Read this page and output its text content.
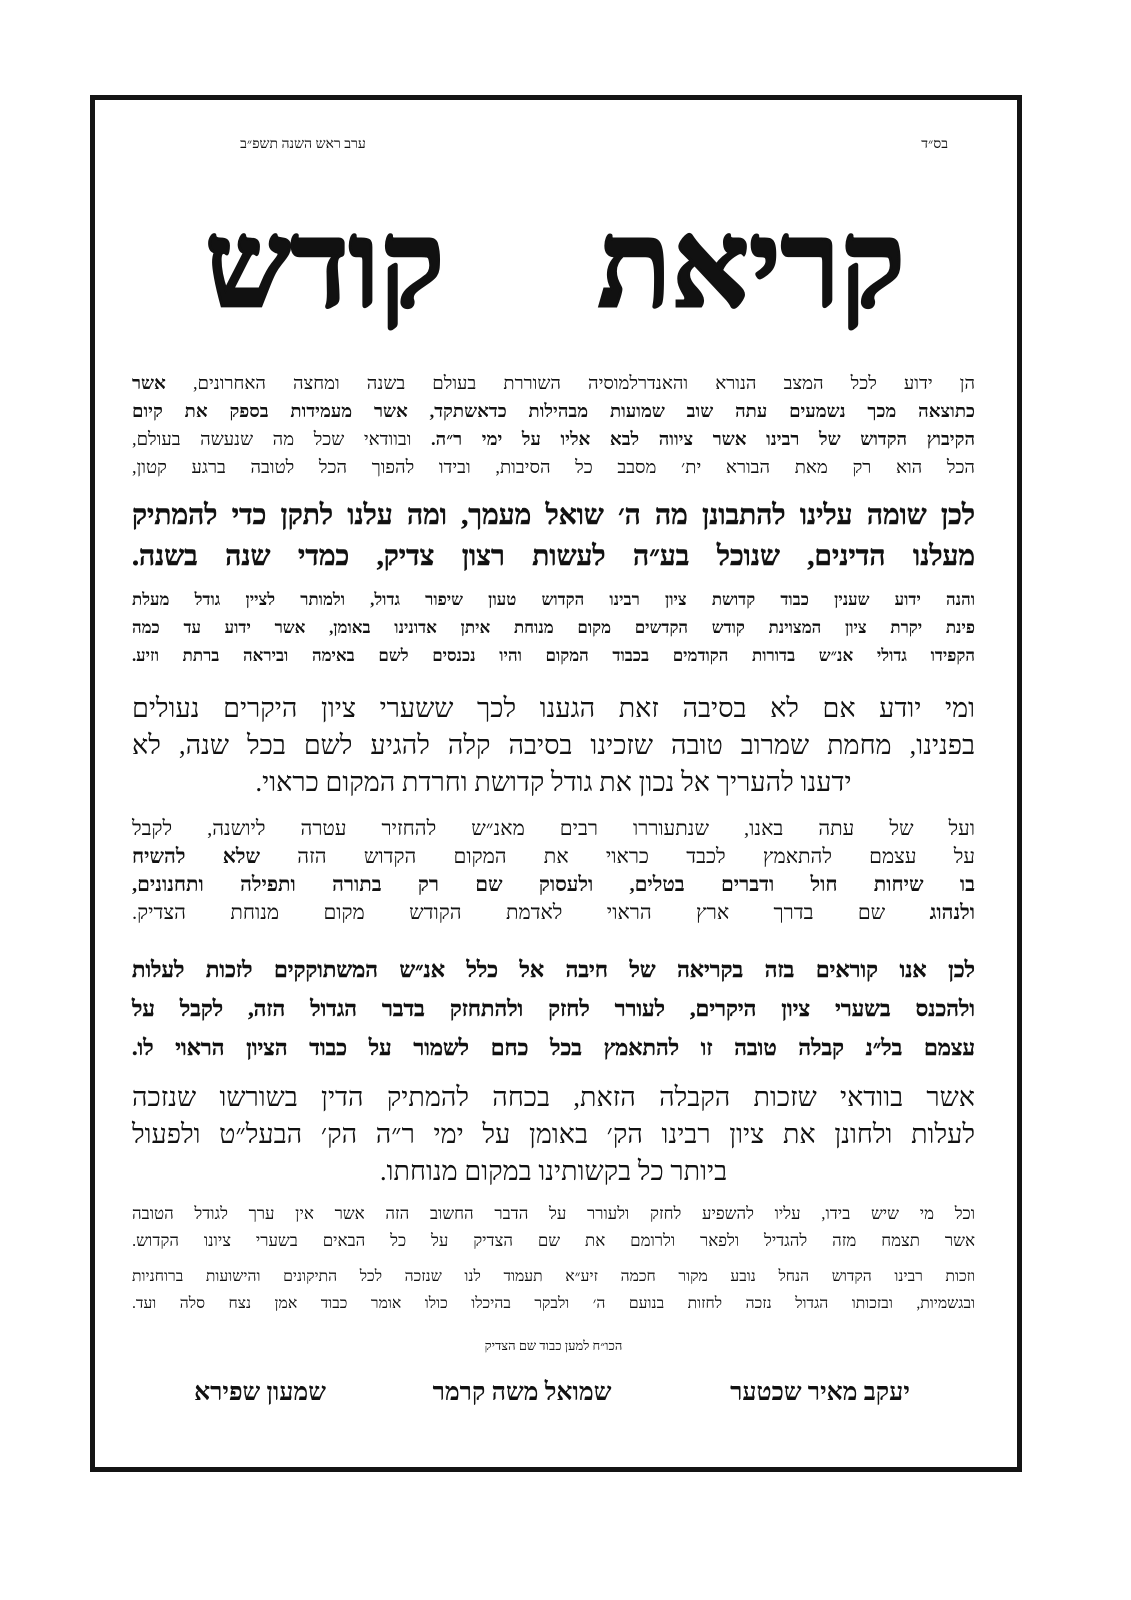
בס״ד
ערב ראש השנה תשפ״ב
קריאת קודש
הן ידוע לכל המצב הנורא והאנדרלמוסיה השוררת בעולם בשנה ומחצה האחרונים, אשר
כתוצאה מכך נשמעים עתה שוב שמועות מבהילות כדאשתקד, אשר מעמידות בספק את קיום
הקיבוץ הקדוש של רבינו אשר ציווה לבא אליו על ימי ר״ה. ובוודאי שכל מה שנעשה בעולם,
הכל הוא רק מאת הבורא ית׳ מסבב כל הסיבות, ובידו להפוך הכל לטובה ברגע קטון,
לכן שומה עלינו להתבונן מה ה׳ שואל מעמך, ומה עלנו לתקן כדי להמתיק
מעלנו הדינים, שנוכל בע״ה לעשות רצון צדיק, כמדי שנה בשנה.
והנה ידוע שענין כבוד קדושת ציון רבינו הקדוש טעון שיפור גדול, ולמותר לציין גודל מעלת
פינת יקרת ציון המצוינת קודש הקדשים מקום מנוחת איתן אדונינו באומן, אשר ידוע עד כמה
הקפידו גדולי אנ״ש בדורות הקודמים בכבוד המקום והיו נכנסים לשם באימה וביראה ברתת וזיע.
ומי יודע אם לא בסיבה זאת הגענו לכך ששערי ציון היקרים נעולים
בפנינו, מחמת שמרוב טובה שזכינו בסיבה קלה להגיע לשם בכל שנה, לא
ידענו להעריך אל נכון את גודל קדושת וחרדת המקום כראוי.
ועל של עתה באנו, שנתעוררו רבים מאנ״ש להחזיר עטרה ליושנה, לקבל
על עצמם להתאמץ לכבד כראוי את המקום הקדוש הזה שלא להשיח
בו שיחות חול ודברים בטלים, ולעסוק שם רק בתורה ותפילה ותחנונים,
ולנהוג שם בדרך ארץ הראוי לאדמת הקודש מקום מנוחת הצדיק.
לכן אנו קוראים בזה בקריאה של חיבה אל כלל אנ״ש המשתוקקים לזכות לעלות
ולהכנס בשערי ציון היקרים, לעורר לחזק ולהתחזק בדבר הגדול הזה, לקבל על
עצמם בל״נ קבלה טובה זו להתאמץ בכל כחם לשמור על כבוד הציון הראוי לו.
אשר בוודאי שזכות הקבלה הזאת, בכחה להמתיק הדין בשורשו שנזכה
לעלות ולחונן את ציון רבינו הק׳ באומן על ימי ר״ה הק׳ הבעל״ט ולפעול
ביותר כל בקשותינו במקום מנוחתו.
וכל מי שיש בידו, עליו להשפיע לחזק ולעורר על הדבר החשוב הזה אשר אין ערך לגודל הטובה
אשר תצמח מזה להגדיל ולפאר ולרומם את שם הצדיק על כל הבאים בשערי ציונו הקדוש.
וזכות רבינו הקדוש הנחל נובע מקור חכמה זיע״א תעמוד לנו שנזכה לכל התיקונים והישועות ברוחניות
ובגשמיות, ובזכותו הגדול נזכה לחזות בנועם ה׳ ולבקר בהיכלו כולו אומר כבוד אמן נצח סלה ועד.
הכו״ח למען כבוד שם הצדיק
יעקב מאיר שכטער
שמואל משה קרמר
שמעון שפירא
